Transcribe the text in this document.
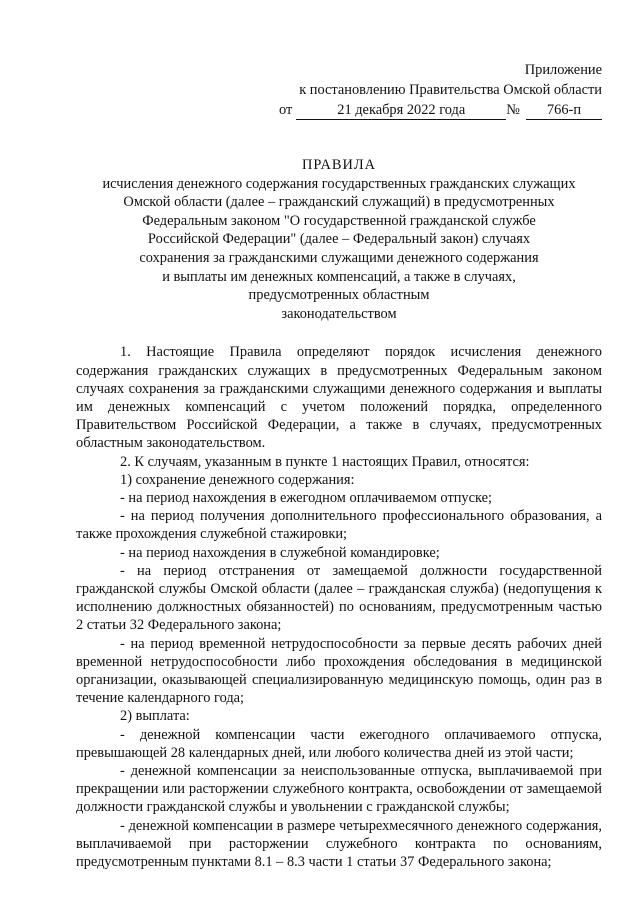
Приложение
к постановлению Правительства Омской области
от	21 декабря 2022 года	№	766-п
ПРАВИЛА
исчисления денежного содержания государственных гражданских служащих
Омской области (далее – гражданский служащий) в предусмотренных
Федеральным законом "О государственной гражданской службе
Российской Федерации" (далее – Федеральный закон) случаях
сохранения за гражданскими служащими денежного содержания
и выплаты им денежных компенсаций, а также в случаях,
предусмотренных областным
законодательством

1. Настоящие Правила определяют порядок исчисления денежного содержания гражданских служащих в предусмотренных Федеральным законом случаях сохранения за гражданскими служащими денежного содержания и выплаты им денежных компенсаций с учетом положений порядка, определенного Правительством Российской Федерации, а также в случаях, предусмотренных областным законодательством.

2. К случаям, указанным в пункте 1 настоящих Правил, относятся:

1) сохранение денежного содержания:

- на период нахождения в ежегодном оплачиваемом отпуске;

- на период получения дополнительного профессионального образования, а также прохождения служебной стажировки;

- на период нахождения в служебной командировке;

- на период отстранения от замещаемой должности государственной гражданской службы Омской области (далее – гражданская служба) (недопущения к исполнению должностных обязанностей) по основаниям, предусмотренным частью 2 статьи 32 Федерального закона;

- на период временной нетрудоспособности за первые десять рабочих дней временной нетрудоспособности либо прохождения обследования в медицинской организации, оказывающей специализированную медицинскую помощь, один раз в течение календарного года;

2) выплата:

- денежной компенсации части ежегодного оплачиваемого отпуска, превышающей 28 календарных дней, или любого количества дней из этой части;

- денежной компенсации за неиспользованные отпуска, выплачиваемой при прекращении или расторжении служебного контракта, освобождении от замещаемой должности гражданской службы и увольнении с гражданской службы;

- денежной компенсации в размере четырехмесячного денежного содержания, выплачиваемой при расторжении служебного контракта по основаниям, предусмотренным пунктами 8.1 – 8.3 части 1 статьи 37 Федерального закона;
